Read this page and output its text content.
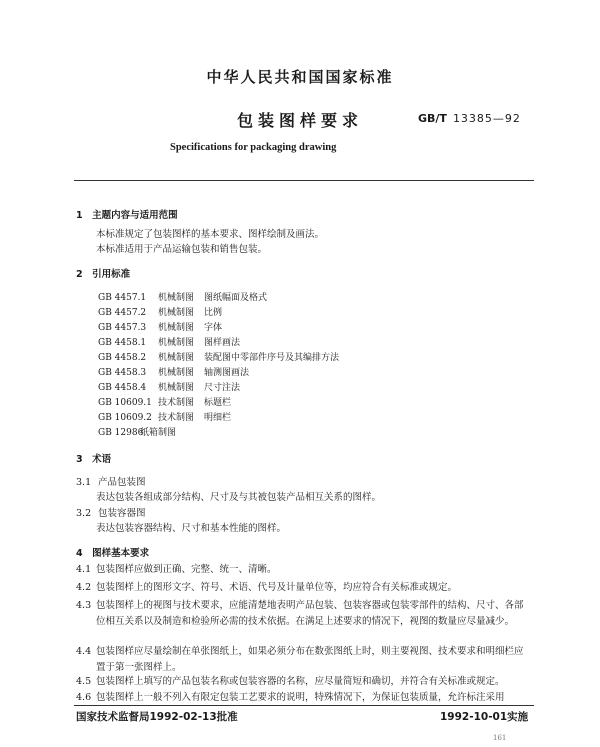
中华人民共和国国家标准
包装图样要求	GB/T 13385—92
Specifications for packaging drawing
1　主题内容与适用范围
本标准规定了包装图样的基本要求、图样绘制及画法。
本标准适用于产品运输包装和销售包装。
2　引用标准
GB 4457.1 机械制图 图纸幅面及格式
GB 4457.2 机械制图 比例
GB 4457.3 机械制图 字体
GB 4458.1 机械制图 图样画法
GB 4458.2 机械制图 装配图中零部件序号及其编排方法
GB 4458.3 机械制图 轴测图画法
GB 4458.4 机械制图 尺寸注法
GB 10609.1 技术制图 标题栏
GB 10609.2 技术制图 明细栏
GB 12986纸箱制图
3　术语
3.1 产品包装图
表达包装各组成部分结构、尺寸及与其被包装产品相互关系的图样。
3.2 包装容器图
表达包装容器结构、尺寸和基本性能的图样。
4　图样基本要求
4.1 包装图样应做到正确、完整、统一、清晰。
4.2 包装图样上的图形文字、符号、术语、代号及计量单位等，均应符合有关标准或规定。
4.3 包装图样上的视图与技术要求，应能清楚地表明产品包装、包装容器或包装零部件的结构、尺寸、各部位相互关系以及制造和检验所必需的技术依据。在满足上述要求的情况下，视图的数量应尽量减少。
4.4 包装图样应尽量绘制在单张图纸上，如果必须分布在数张图纸上时，则主要视图、技术要求和明细栏应置于第一张图样上。
4.5 包装图样上填写的产品包装名称或包装容器的名称，应尽量简短和确切，并符合有关标准或规定。
4.6 包装图样上一般不列入有限定包装工艺要求的说明，特殊情况下，为保证包装质量，允许标注采用
国家技术监督局1992-02-13批准	1992-10-01实施
161
